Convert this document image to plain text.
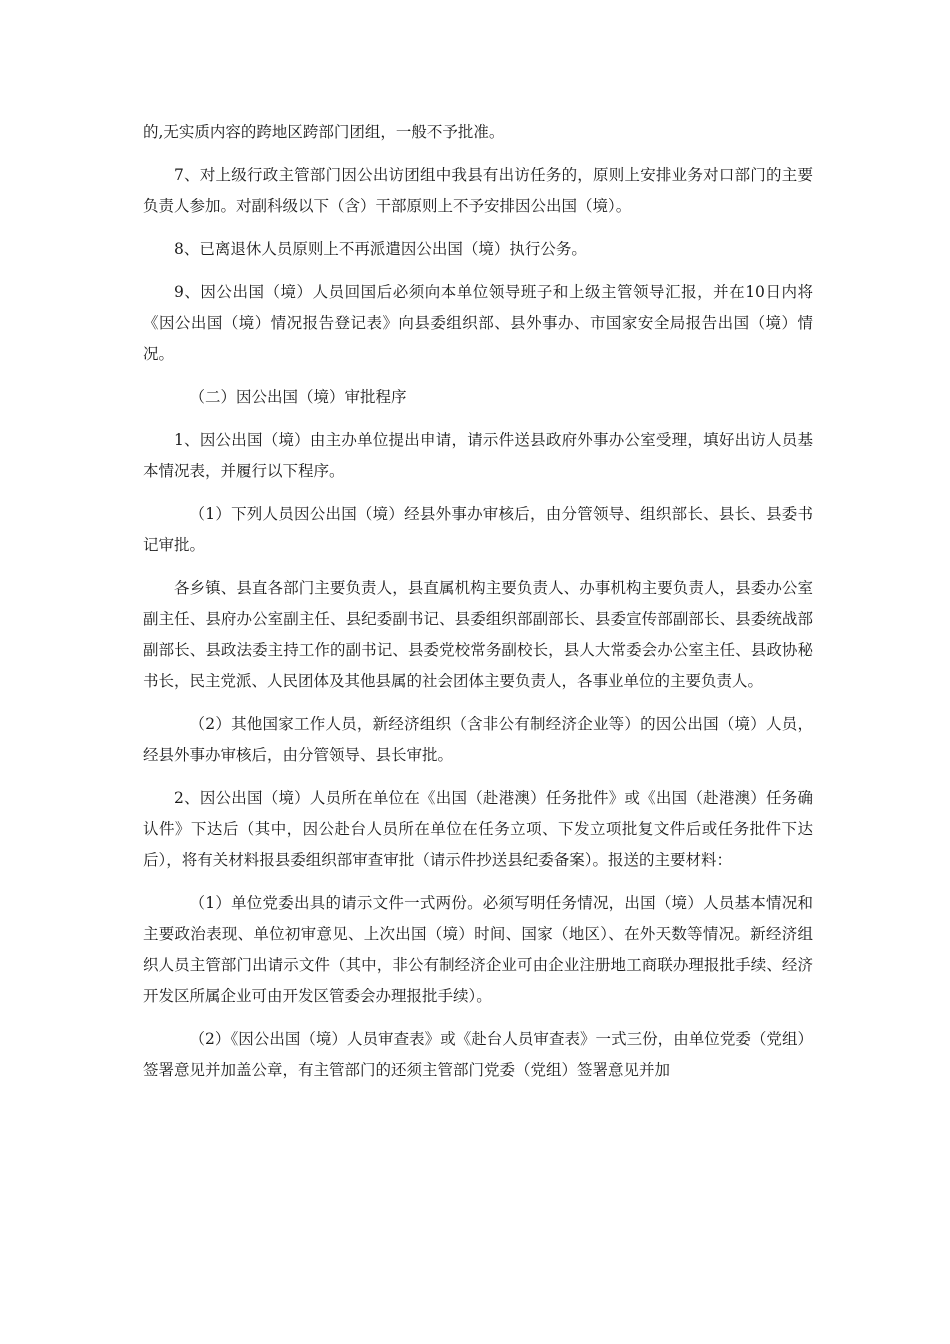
的,无实质内容的跨地区跨部门团组，一般不予批准。

7、对上级行政主管部门因公出访团组中我县有出访任务的，原则上安排业务对口部门的主要负责人参加。对副科级以下（含）干部原则上不予安排因公出国（境）。

8、已离退休人员原则上不再派遣因公出国（境）执行公务。

9、因公出国（境）人员回国后必须向本单位领导班子和上级主管领导汇报，并在10日内将《因公出国（境）情况报告登记表》向县委组织部、县外事办、市国家安全局报告出国（境）情况。

（二）因公出国（境）审批程序

1、因公出国（境）由主办单位提出申请，请示件送县政府外事办公室受理，填好出访人员基本情况表，并履行以下程序。

（1）下列人员因公出国（境）经县外事办审核后，由分管领导、组织部长、县长、县委书记审批。

各乡镇、县直各部门主要负责人，县直属机构主要负责人、办事机构主要负责人，县委办公室副主任、县府办公室副主任、县纪委副书记、县委组织部副部长、县委宣传部副部长、县委统战部副部长、县政法委主持工作的副书记、县委党校常务副校长，县人大常委会办公室主任、县政协秘书长，民主党派、人民团体及其他县属的社会团体主要负责人，各事业单位的主要负责人。

（2）其他国家工作人员，新经济组织（含非公有制经济企业等）的因公出国（境）人员，经县外事办审核后，由分管领导、县长审批。

2、因公出国（境）人员所在单位在《出国（赴港澳）任务批件》或《出国（赴港澳）任务确认件》下达后（其中，因公赴台人员所在单位在任务立项、下发立项批复文件后或任务批件下达后），将有关材料报县委组织部审查审批（请示件抄送县纪委备案）。报送的主要材料：

（1）单位党委出具的请示文件一式两份。必须写明任务情况，出国（境）人员基本情况和主要政治表现、单位初审意见、上次出国（境）时间、国家（地区）、在外天数等情况。新经济组织人员主管部门出请示文件（其中，非公有制经济企业可由企业注册地工商联办理报批手续、经济开发区所属企业可由开发区管委会办理报批手续）。

（2）《因公出国（境）人员审查表》或《赴台人员审查表》一式三份，由单位党委（党组）签署意见并加盖公章，有主管部门的还须主管部门党委（党组）签署意见并加
